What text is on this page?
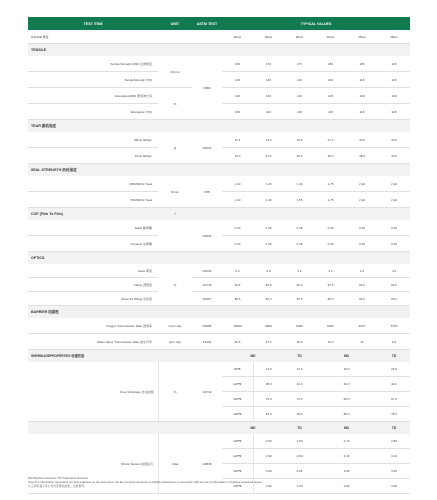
TEST ITEM	UNIT	ASTM TEST	TYPICAL VALUES					
GAUGE 厚度			20um	15um	18um	22um	25um	28um
TENSILE								
Tensile Strength (MD) 拉伸强度	N/mm²	D882	165	170	175	180	165	115
TensileStrength (TD)			145	145	120	160	115	115
Elongation(MD) 断裂伸长率	%		110	130	120	135	130	130
Elongation (TD)			165	110	115	115	115	325
TEAR 撕裂强度								
MD at 400gm	gf	D1922	11.3	14.0	15.0	27.0	30.0	30.0
TD at 400gm			16.0	27.0	32.0	30.0	38.0	40.0
SEAL STRENGTH 热封强度								
MD/WithFin Seal	N/mm	F88	1.10	1.20	1.40	1.75	2.10	2.10
TD/WithFin Seal			1.10	1.40	1.55	1.75	2.10	2.10
COF (Film To Film)	/							
Static 静摩擦		D1894	0.20	0.18	0.18	0.20	0.20	0.20
Dynamic 动摩擦			0.20	0.18	0.18	0.20	0.20	0.20
OPTICS								
Haze 雾度	%	D1003	2.3	2.8	3.2	3.6	4.3	4.6
Clarity 透明度		D1746	96.5	96.8	96.0	97.5	94.0	92.0
Gloss 45 450ug 光泽度		D2457	88.5	86.0	87.0	86.0	84.0	83.0
BARRIER 阻隔性								
Oxygen Transmission Rate 透氧率	cc/m²·day	D3985	10000	8800	8250	6400	6237	5750
Water Vapor Transmission Rate 透水汽率	g/m²·day	F1249	22.5	27.0	20.0	14.0	11	9.9
SHRINKAGEPROPERTIES 收缩性能			MD		TD	MD		TD
Free Shrinkage 自由收缩		%	D2732	90℃	11.5	27.0	16.0		26.0
			110℃	38.0	44.0	34.0		44.0
			120℃	70.0	72.0	66.0		67.0
			130℃	81.0	78.0	80.0		78.0
			MD		TD	MD		TD
Shrink Tension 收缩张力		Mpa	D2838	100℃	2.50	2.50	2.70		2.80
			110℃	2.90	2.60	3.40		3.10
			120℃	3.60	2.65	3.80		3.60
			130℃	3.30	3.60	2.50		3.60
MD=Machine Direction TD=Transverse Direction
Note:The information represents our best judgment on the work done, but the company assumes no liability whatsoever in connection with the use of information or findings contained herein.
以上资料基于本公司内部测试结果，仅供参考。
